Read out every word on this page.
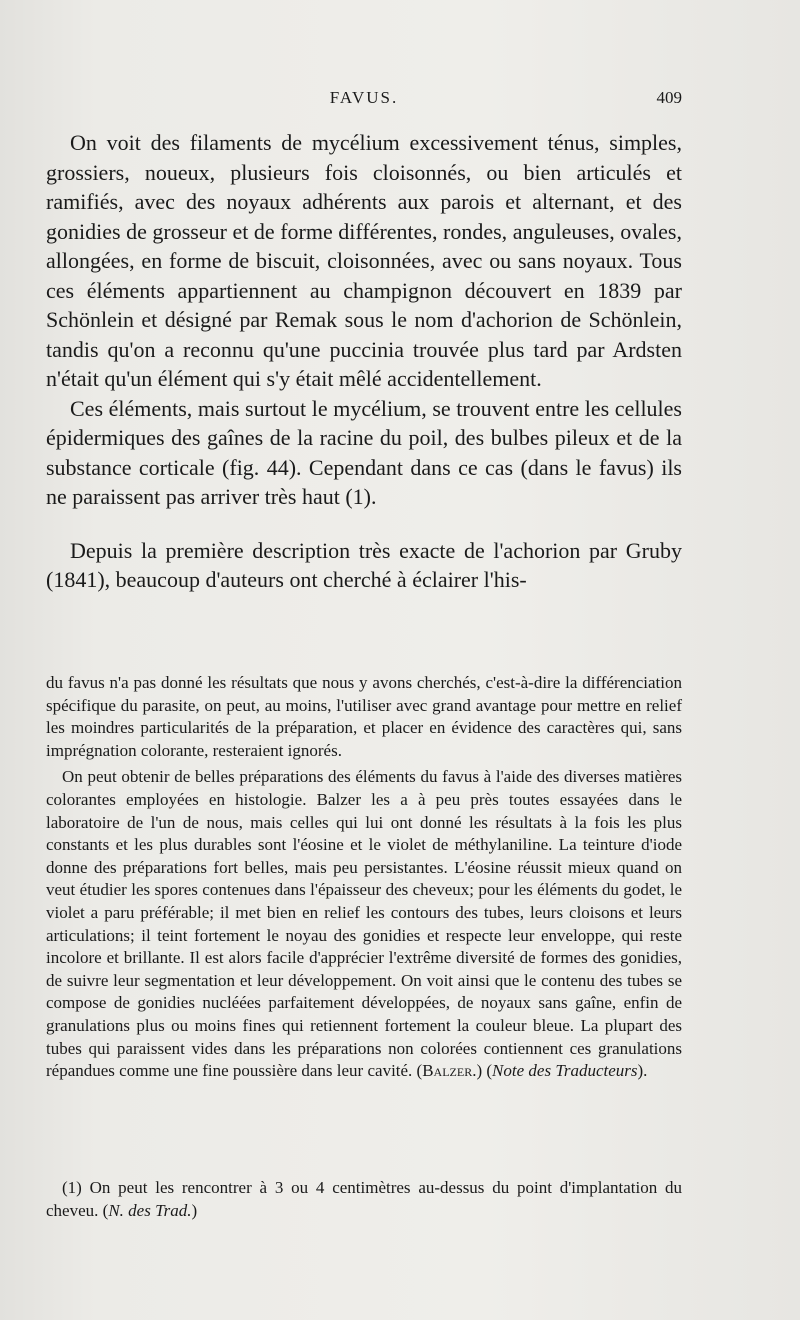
FAVUS.	409

On voit des filaments de mycélium excessivement ténus, simples, grossiers, noueux, plusieurs fois cloisonnés, ou bien articulés et ramifiés, avec des noyaux adhérents aux parois et alternant, et des gonidies de grosseur et de forme différentes, rondes, anguleuses, ovales, allongées, en forme de biscuit, cloisonnées, avec ou sans noyaux. Tous ces éléments appartiennent au champignon découvert en 1839 par Schönlein et désigné par Remak sous le nom d'achorion de Schönlein, tandis qu'on a reconnu qu'une puccinia trouvée plus tard par Ardsten n'était qu'un élément qui s'y était mêlé accidentellement.

Ces éléments, mais surtout le mycélium, se trouvent entre les cellules épidermiques des gaînes de la racine du poil, des bulbes pileux et de la substance corticale (fig. 44). Cependant dans ce cas (dans le favus) ils ne paraissent pas arriver très haut (1).

Depuis la première description très exacte de l'achorion par Gruby (1841), beaucoup d'auteurs ont cherché à éclairer l'his-

du favus n'a pas donné les résultats que nous y avons cherchés, c'est-à-dire la différenciation spécifique du parasite, on peut, au moins, l'utiliser avec grand avantage pour mettre en relief les moindres particularités de la préparation, et placer en évidence des caractères qui, sans imprégnation colorante, resteraient ignorés.

On peut obtenir de belles préparations des éléments du favus à l'aide des diverses matières colorantes employées en histologie. Balzer les a à peu près toutes essayées dans le laboratoire de l'un de nous, mais celles qui lui ont donné les résultats à la fois les plus constants et les plus durables sont l'éosine et le violet de méthylaniline. La teinture d'iode donne des préparations fort belles, mais peu persistantes. L'éosine réussit mieux quand on veut étudier les spores contenues dans l'épaisseur des cheveux; pour les éléments du godet, le violet a paru préférable; il met bien en relief les contours des tubes, leurs cloisons et leurs articulations; il teint fortement le noyau des gonidies et respecte leur enveloppe, qui reste incolore et brillante. Il est alors facile d'apprécier l'extrême diversité de formes des gonidies, de suivre leur segmentation et leur développement. On voit ainsi que le contenu des tubes se compose de gonidies nucléées parfaitement développées, de noyaux sans gaîne, enfin de granulations plus ou moins fines qui retiennent fortement la couleur bleue. La plupart des tubes qui paraissent vides dans les préparations non colorées contiennent ces granulations répandues comme une fine poussière dans leur cavité. (Balzer.) (Note des Traducteurs).

(1) On peut les rencontrer à 3 ou 4 centimètres au-dessus du point d'implantation du cheveu. (N. des Trad.)
